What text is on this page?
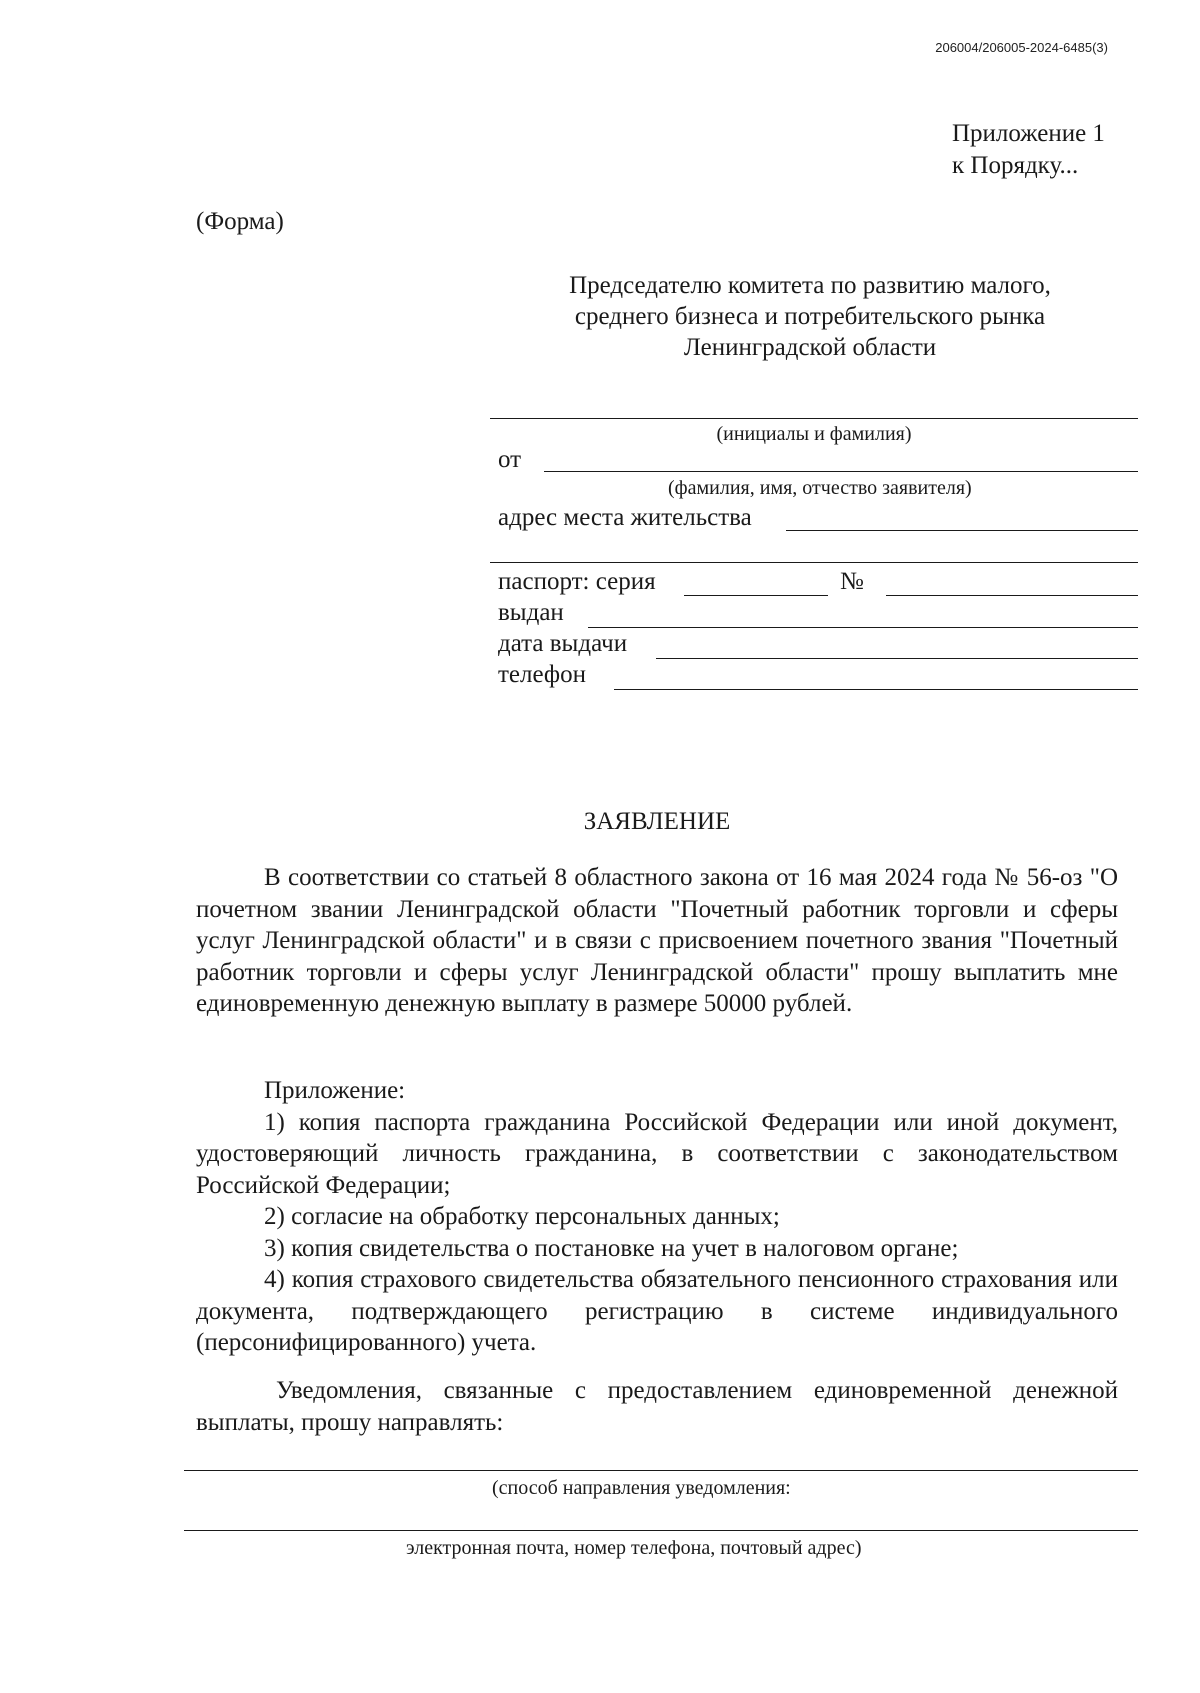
206004/206005-2024-6485(3)
Приложение 1
к Порядку...
(Форма)
Председателю комитета по развитию малого,
среднего бизнеса и потребительского рынка
Ленинградской области
(инициалы и фамилия)
от
(фамилия, имя, отчество заявителя)
адрес места жительства
паспорт: серия	№
выдан
дата выдачи
телефон
ЗАЯВЛЕНИЕ

В соответствии со статьей 8 областного закона от 16 мая 2024 года № 56-оз "О почетном звании Ленинградской области "Почетный работник торговли и сферы услуг Ленинградской области" и в связи с присвоением почетного звания "Почетный работник торговли и сферы услуг Ленинградской области" прошу выплатить мне единовременную денежную выплату в размере 50000 рублей.

Приложение:

1) копия паспорта гражданина Российской Федерации или иной документ, удостоверяющий личность гражданина, в соответствии с законодательством Российской Федерации;

2) согласие на обработку персональных данных;

3) копия свидетельства о постановке на учет в налоговом органе;

4) копия страхового свидетельства обязательного пенсионного страхования или документа, подтверждающего регистрацию в системе индивидуального (персонифицированного) учета.

Уведомления, связанные с предоставлением единовременной денежной выплаты, прошу направлять:

(способ направления уведомления:
электронная почта, номер телефона, почтовый адрес)
